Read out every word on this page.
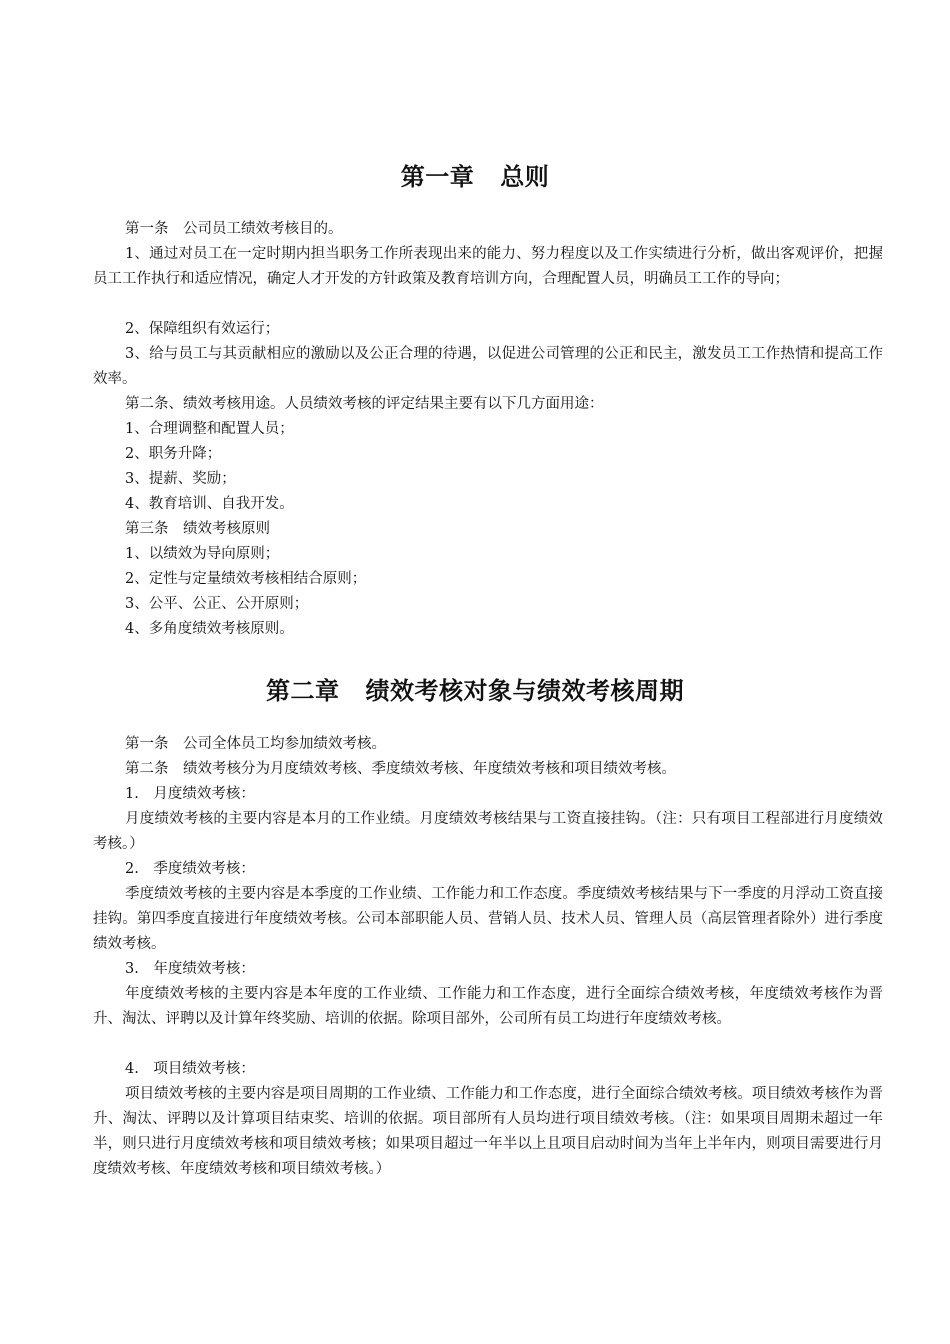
第一章 总则
第一条　公司员工绩效考核目的。
1、通过对员工在一定时期内担当职务工作所表现出来的能力、努力程度以及工作实绩进行分析，做出客观评价，把握员工工作执行和适应情况，确定人才开发的方针政策及教育培训方向，合理配置人员，明确员工工作的导向；
2、保障组织有效运行；
3、给与员工与其贡献相应的激励以及公正合理的待遇，以促进公司管理的公正和民主，激发员工工作热情和提高工作效率。
第二条、绩效考核用途。人员绩效考核的评定结果主要有以下几方面用途：
1、合理调整和配置人员；
2、职务升降；
3、提薪、奖励；
4、教育培训、自我开发。
第三条　绩效考核原则
1、以绩效为导向原则；
2、定性与定量绩效考核相结合原则；
3、公平、公正、公开原则；
4、多角度绩效考核原则。
第二章 绩效考核对象与绩效考核周期
第一条　公司全体员工均参加绩效考核。
第二条　绩效考核分为月度绩效考核、季度绩效考核、年度绩效考核和项目绩效考核。
1.　月度绩效考核：
月度绩效考核的主要内容是本月的工作业绩。月度绩效考核结果与工资直接挂钩。（注：只有项目工程部进行月度绩效考核。）
2.　季度绩效考核：
季度绩效考核的主要内容是本季度的工作业绩、工作能力和工作态度。季度绩效考核结果与下一季度的月浮动工资直接挂钩。第四季度直接进行年度绩效考核。公司本部职能人员、营销人员、技术人员、管理人员（高层管理者除外）进行季度绩效考核。
3.　年度绩效考核：
年度绩效考核的主要内容是本年度的工作业绩、工作能力和工作态度，进行全面综合绩效考核，年度绩效考核作为晋升、淘汰、评聘以及计算年终奖励、培训的依据。除项目部外，公司所有员工均进行年度绩效考核。
4.　项目绩效考核：
项目绩效考核的主要内容是项目周期的工作业绩、工作能力和工作态度，进行全面综合绩效考核。项目绩效考核作为晋升、淘汰、评聘以及计算项目结束奖、培训的依据。项目部所有人员均进行项目绩效考核。（注：如果项目周期未超过一年半，则只进行月度绩效考核和项目绩效考核；如果项目超过一年半以上且项目启动时间为当年上半年内，则项目需要进行月度绩效考核、年度绩效考核和项目绩效考核。）
